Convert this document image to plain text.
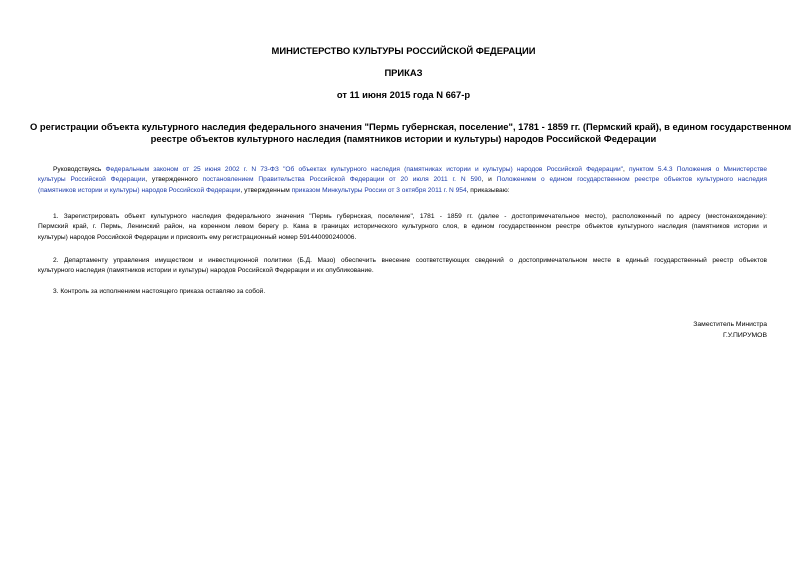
МИНИСТЕРСТВО КУЛЬТУРЫ РОССИЙСКОЙ ФЕДЕРАЦИИ
ПРИКАЗ
от 11 июня 2015 года N 667-р
О регистрации объекта культурного наследия федерального значения "Пермь губернская, поселение", 1781 - 1859 гг. (Пермский край), в едином государственном
реестре объектов культурного наследия (памятников истории и культуры) народов Российской Федерации
Руководствуясь Федеральным законом от 25 июня 2002 г. N 73-ФЗ "Об объектах культурного наследия (памятниках истории и культуры) народов Российской Федерации", пунктом 5.4.3 Положения о Министерстве
культуры Российской Федерации, утвержденного постановлением Правительства Российской Федерации от 20 июля 2011 г. N 590, и Положением о едином государственном реестре объектов культурного наследия
(памятников истории и культуры) народов Российской Федерации, утвержденным приказом Минкультуры России от 3 октября 2011 г. N 954, приказываю:
1. Зарегистрировать объект культурного наследия федерального значения "Пермь губернская, поселение", 1781 - 1859 гг. (далее - достопримечательное место), расположенный по адресу (местонахождение):
Пермский край, г. Пермь, Ленинский район, на коренном левом берегу р. Кама в границах исторического культурного слоя, в едином государственном реестре объектов культурного наследия (памятников истории и
культуры) народов Российской Федерации и присвоить ему регистрационный номер 591440090240006.
2. Департаменту управления имуществом и инвестиционной политики (Б.Д. Мазо) обеспечить внесение соответствующих сведений о достопримечательном месте в единый государственный реестр объектов
культурного наследия (памятников истории и культуры) народов Российской Федерации и их опубликование.
3. Контроль за исполнением настоящего приказа оставляю за собой.
Заместитель Министра
Г.У.ПИРУМОВ
